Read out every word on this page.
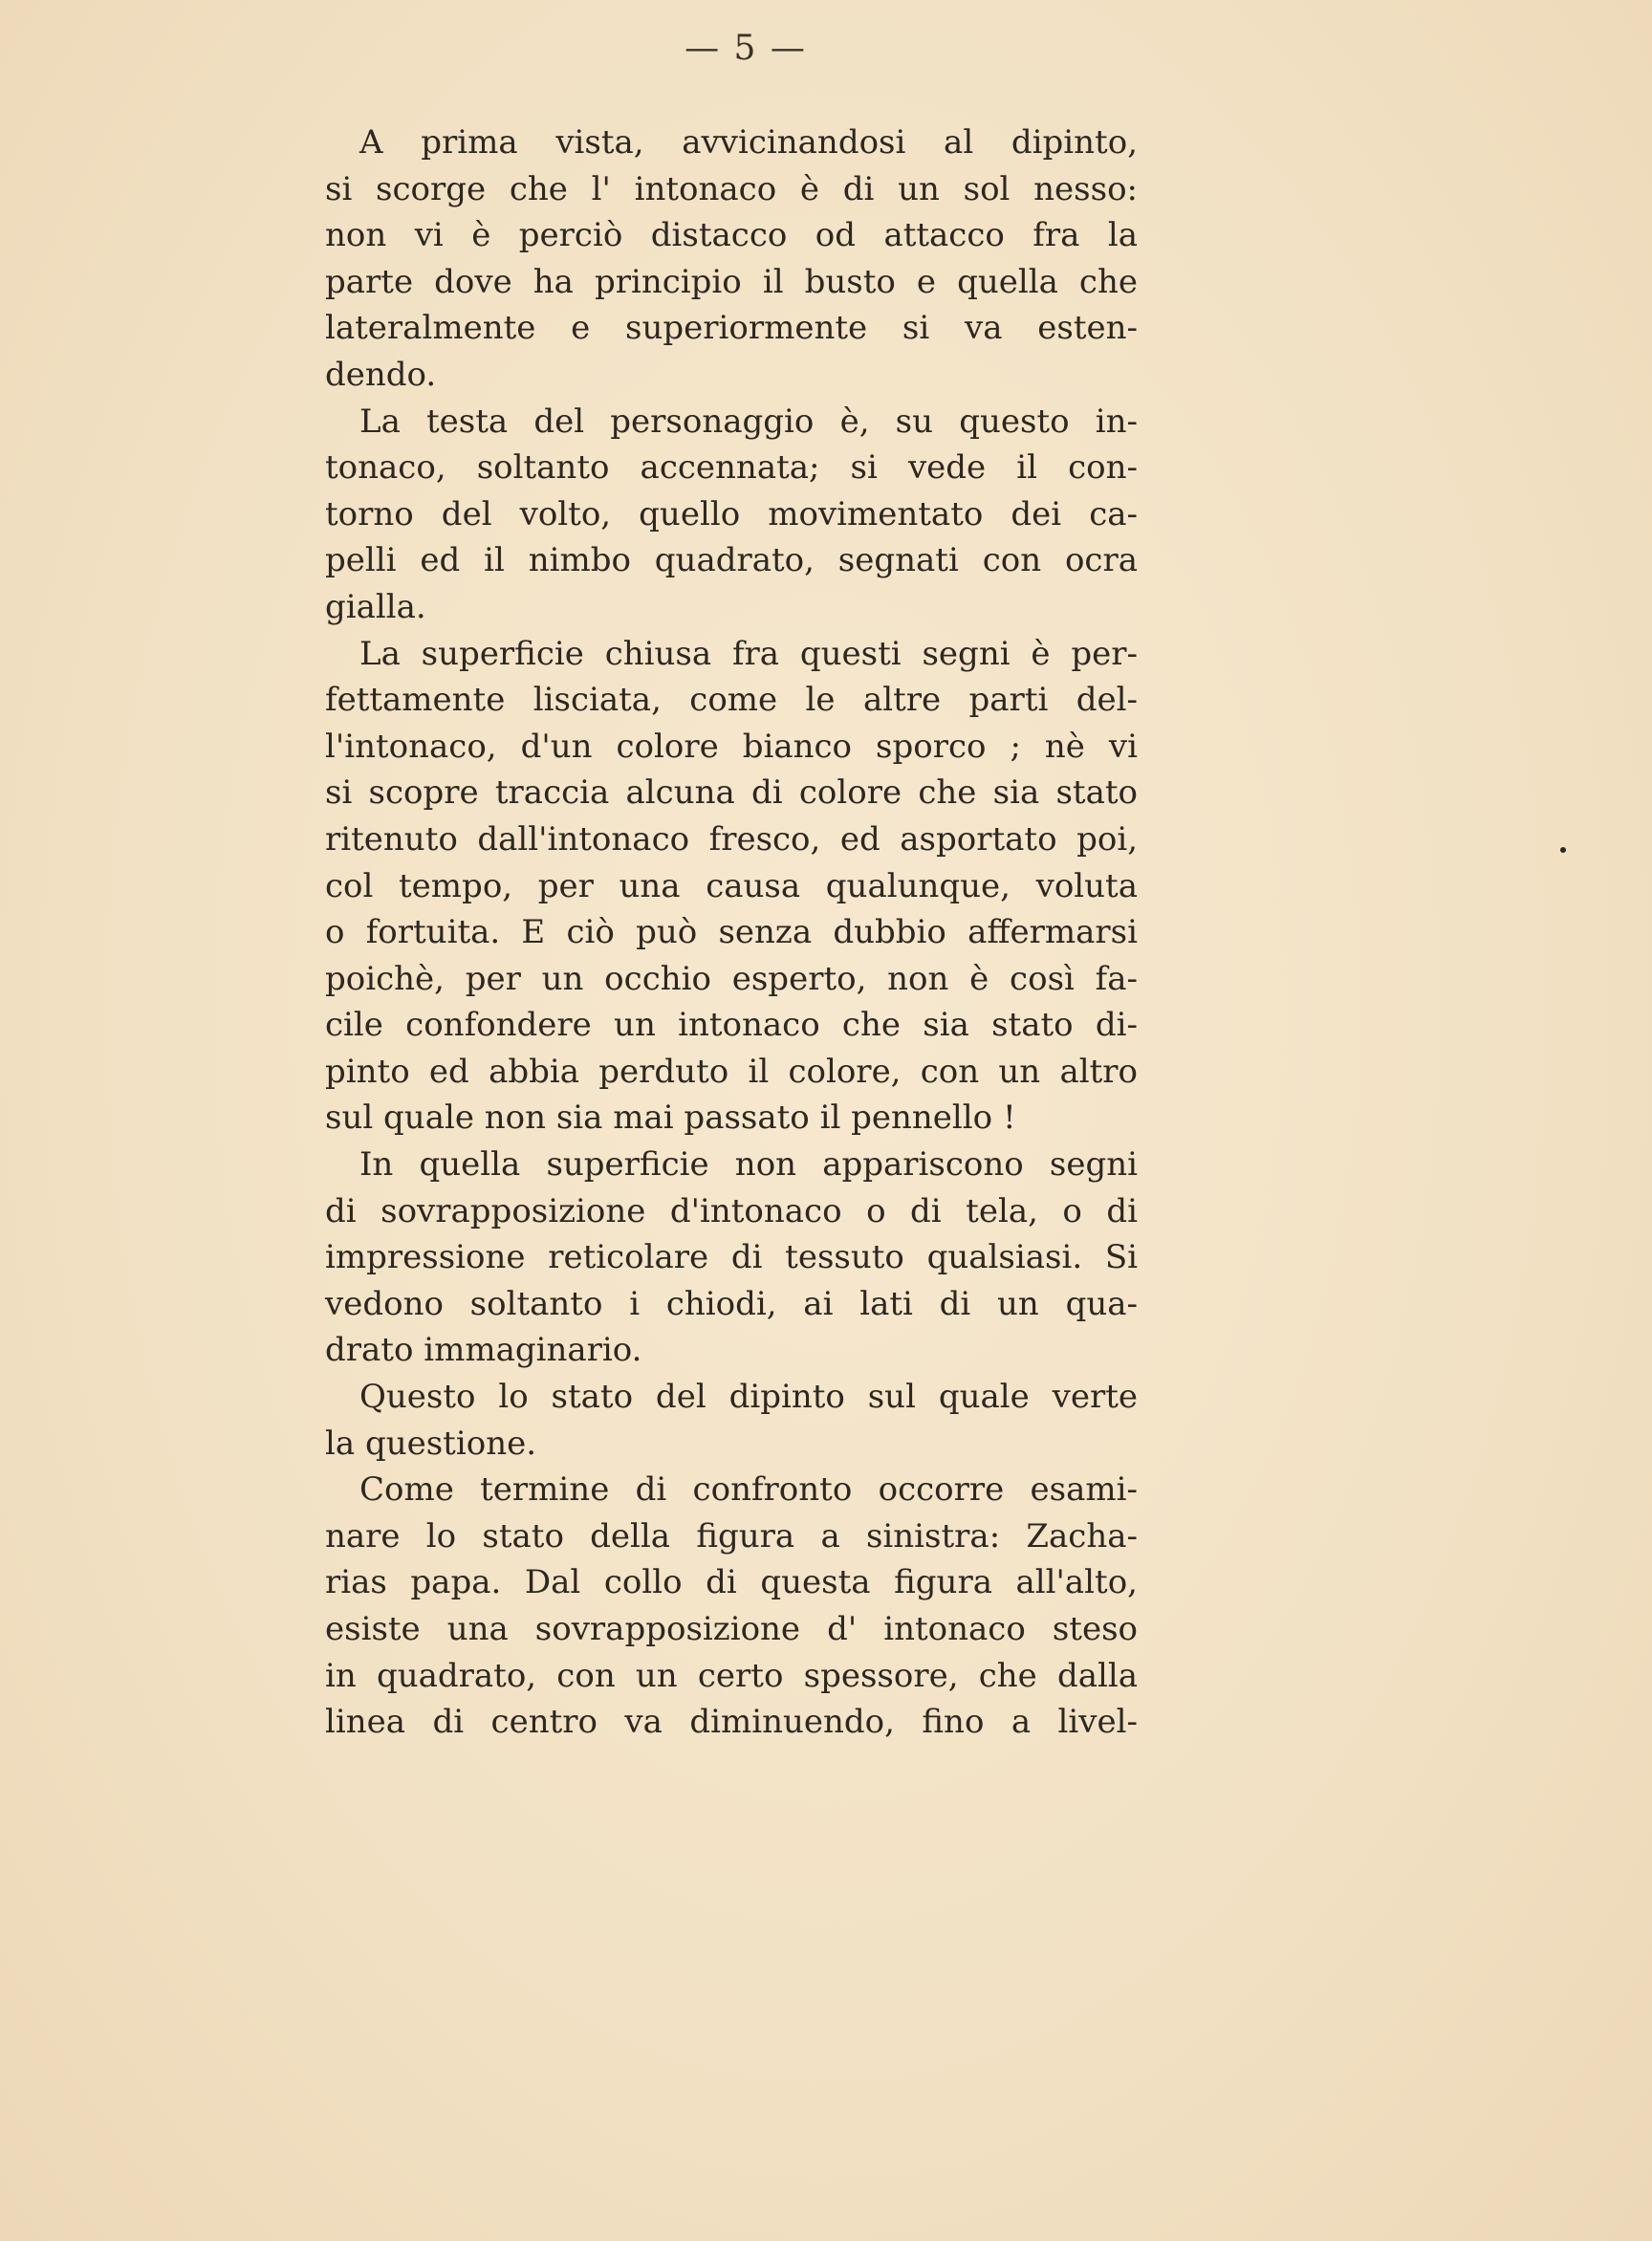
— 5 —
A prima vista, avvicinandosi al dipinto,
si scorge che l' intonaco è di un sol nesso:
non vi è perciò distacco od attacco fra la
parte dove ha principio il busto e quella che
lateralmente e superiormente si va esten-
dendo.
La testa del personaggio è, su questo in-
tonaco, soltanto accennata; si vede il con-
torno del volto, quello movimentato dei ca-
pelli ed il nimbo quadrato, segnati con ocra
gialla.
La superficie chiusa fra questi segni è per-
fettamente lisciata, come le altre parti del-
l'intonaco, d'un colore bianco sporco ; nè vi
si scopre traccia alcuna di colore che sia stato
ritenuto dall'intonaco fresco, ed asportato poi,
col tempo, per una causa qualunque, voluta
o fortuita. E ciò può senza dubbio affermarsi
poichè, per un occhio esperto, non è così fa-
cile confondere un intonaco che sia stato di-
pinto ed abbia perduto il colore, con un altro
sul quale non sia mai passato il pennello !
In quella superficie non appariscono segni
di sovrapposizione d'intonaco o di tela, o di
impressione reticolare di tessuto qualsiasi. Si
vedono soltanto i chiodi, ai lati di un qua-
drato immaginario.
Questo lo stato del dipinto sul quale verte
la questione.
Come termine di confronto occorre esami-
nare lo stato della figura a sinistra: Zacha-
rias papa. Dal collo di questa figura all'alto,
esiste una sovrapposizione d' intonaco steso
in quadrato, con un certo spessore, che dalla
linea di centro va diminuendo, fino a livel-
